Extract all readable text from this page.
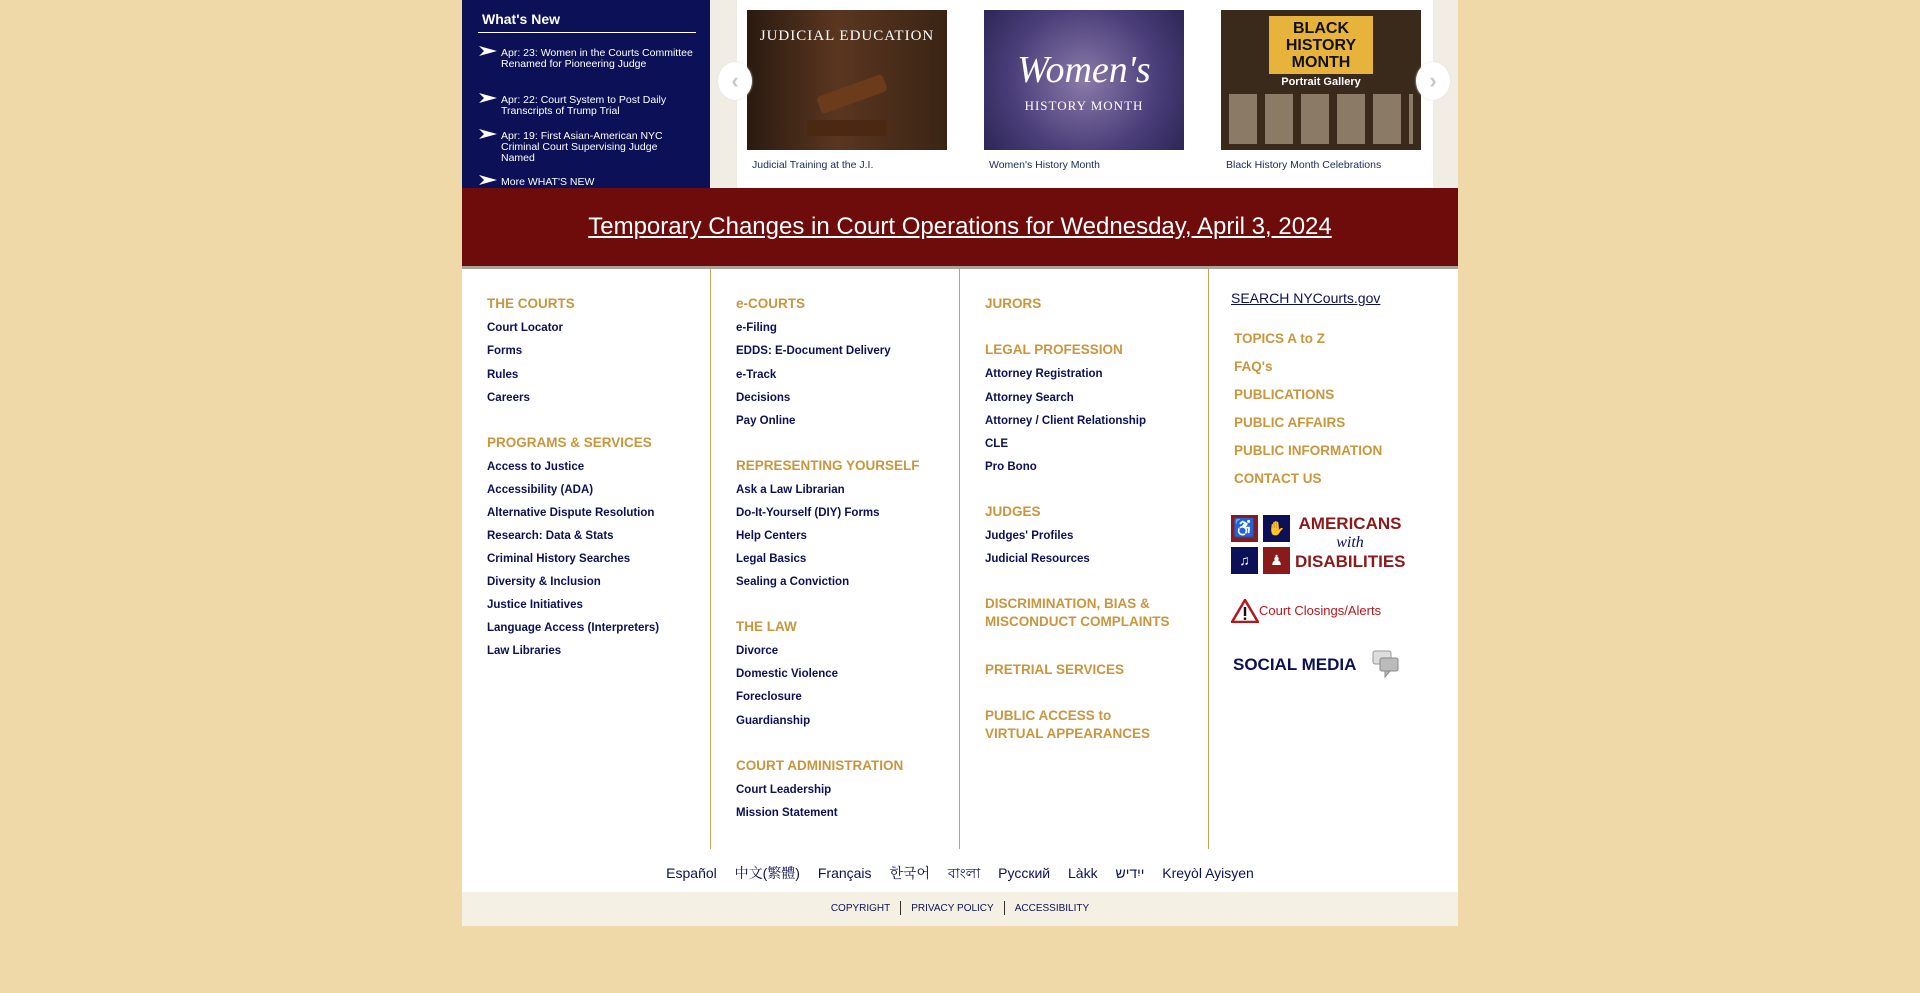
What's New
Apr: 23: Women in the Courts Committee Renamed for Pioneering Judge
Apr: 22: Court System to Post Daily Transcripts of Trump Trial
Apr: 19: First Asian-American NYC Criminal Court Supervising Judge Named
More WHAT'S NEW
JUDICIAL EDUCATION
Judicial Training at the J.I.
Women's
HISTORY MONTH
Women's History Month
BLACK HISTORY MONTH
Portrait Gallery
Black History Month Celebrations
‹	›
Temporary Changes in Court Operations for Wednesday, April 3, 2024
THE COURTS
Court Locator
Forms
Rules
Careers
PROGRAMS & SERVICES
Access to Justice
Accessibility (ADA)
Alternative Dispute Resolution
Research: Data & Stats
Criminal History Searches
Diversity & Inclusion
Justice Initiatives
Language Access (Interpreters)
Law Libraries
e-COURTS
e-Filing
EDDS: E-Document Delivery
e-Track
Decisions
Pay Online
REPRESENTING YOURSELF
Ask a Law Librarian
Do-It-Yourself (DIY) Forms
Help Centers
Legal Basics
Sealing a Conviction
THE LAW
Divorce
Domestic Violence
Foreclosure
Guardianship
COURT ADMINISTRATION
Court Leadership
Mission Statement
JURORS
LEGAL PROFESSION
Attorney Registration
Attorney Search
Attorney / Client Relationship
CLE
Pro Bono
JUDGES
Judges' Profiles
Judicial Resources
DISCRIMINATION, BIAS &
MISCONDUCT COMPLAINTS
PRETRIAL SERVICES
PUBLIC ACCESS to
VIRTUAL APPEARANCES
SEARCH NYCourts.gov
TOPICS A to Z
FAQ's
PUBLICATIONS
PUBLIC AFFAIRS
PUBLIC INFORMATION
CONTACT US
♿ ✋
♫	♟
AMERICANS
with
DISABILITIES
Court Closings/Alerts
SOCIAL MEDIA
Español 中文(繁體) Français 한국어 বাংলা Русский Làkk ייִדיש Kreyòl Ayisyen
COPYRIGHT PRIVACY POLICY ACCESSIBILITY
